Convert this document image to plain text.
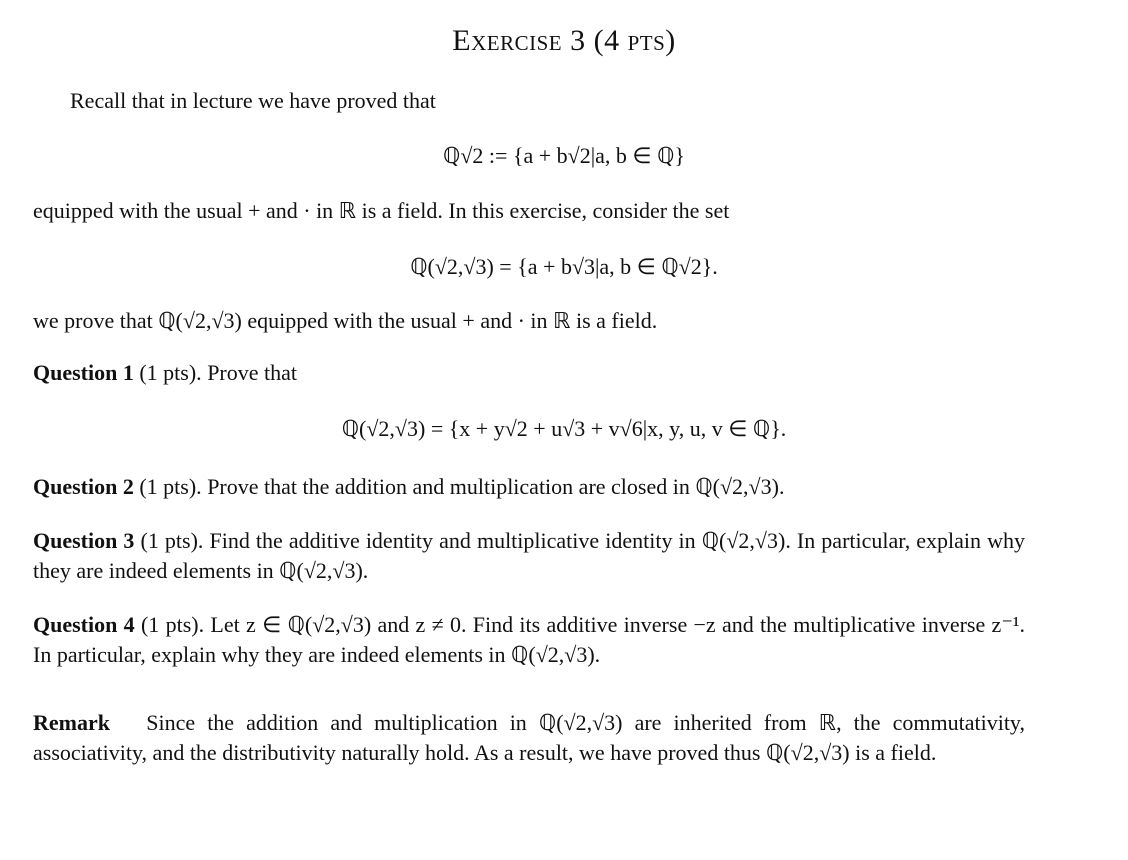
Exercise 3 (4 pts)
Recall that in lecture we have proved that
ℚ√2 := {a + b√2|a, b ∈ ℚ}
equipped with the usual + and · in ℝ is a field. In this exercise, consider the set
ℚ(√2,√3) = {a + b√3|a, b ∈ ℚ√2}.
we prove that ℚ(√2,√3) equipped with the usual + and · in ℝ is a field.
Question 1 (1 pts). Prove that
ℚ(√2,√3) = {x + y√2 + u√3 + v√6|x, y, u, v ∈ ℚ}.
Question 2 (1 pts). Prove that the addition and multiplication are closed in ℚ(√2,√3).
Question 3 (1 pts). Find the additive identity and multiplicative identity in ℚ(√2,√3). In particular, explain why they are indeed elements in ℚ(√2,√3).
Question 4 (1 pts). Let z ∈ ℚ(√2,√3) and z ≠ 0. Find its additive inverse −z and the multiplicative inverse z⁻¹. In particular, explain why they are indeed elements in ℚ(√2,√3).
Remark Since the addition and multiplication in ℚ(√2,√3) are inherited from ℝ, the commutativity, associativity, and the distributivity naturally hold. As a result, we have proved thus ℚ(√2,√3) is a field.
